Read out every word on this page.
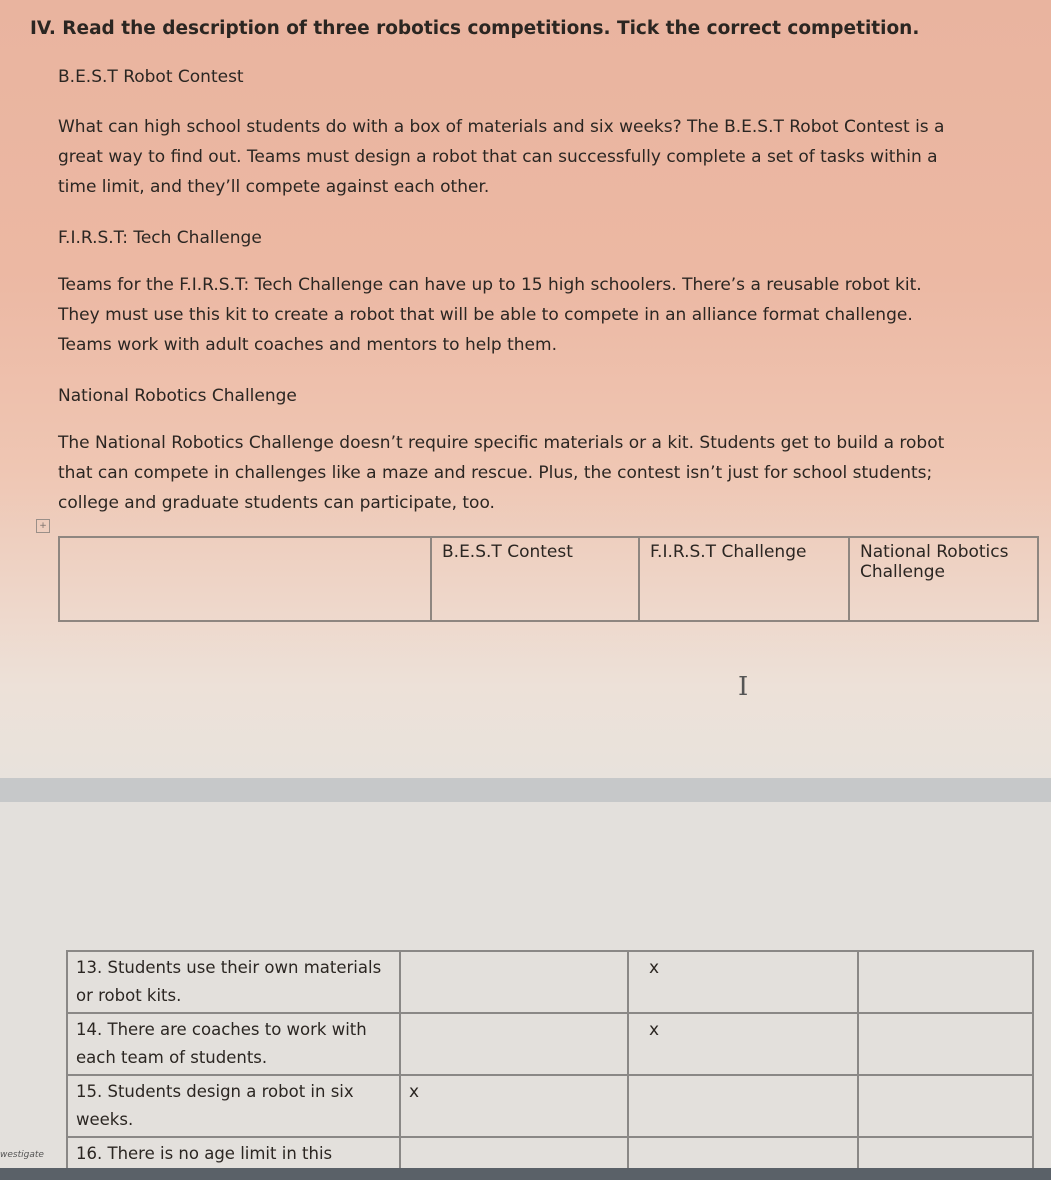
IV. Read the description of three robotics competitions. Tick the correct competition.
B.E.S.T Robot Contest
What can high school students do with a box of materials and six weeks? The B.E.S.T Robot Contest is a
great way to find out. Teams must design a robot that can successfully complete a set of tasks within a
time limit, and they’ll compete against each other.
F.I.R.S.T: Tech Challenge
Teams for the F.I.R.S.T: Tech Challenge can have up to 15 high schoolers. There’s a reusable robot kit.
They must use this kit to create a robot that will be able to compete in an alliance format challenge.
Teams work with adult coaches and mentors to help them.
National Robotics Challenge
The National Robotics Challenge doesn’t require specific materials or a kit. Students get to build a robot
that can compete in challenges like a maze and rescue. Plus, the contest isn’t just for school students;
college and graduate students can participate, too.
+
	B.E.S.T Contest	F.I.R.S.T Challenge	National Robotics Challenge
I
13. Students use their own materials or robot kits.		x	
14. There are coaches to work with each team of students.		x	
15. Students design a robot in six weeks.	x		
16. There is no age limit in this			
westigate
